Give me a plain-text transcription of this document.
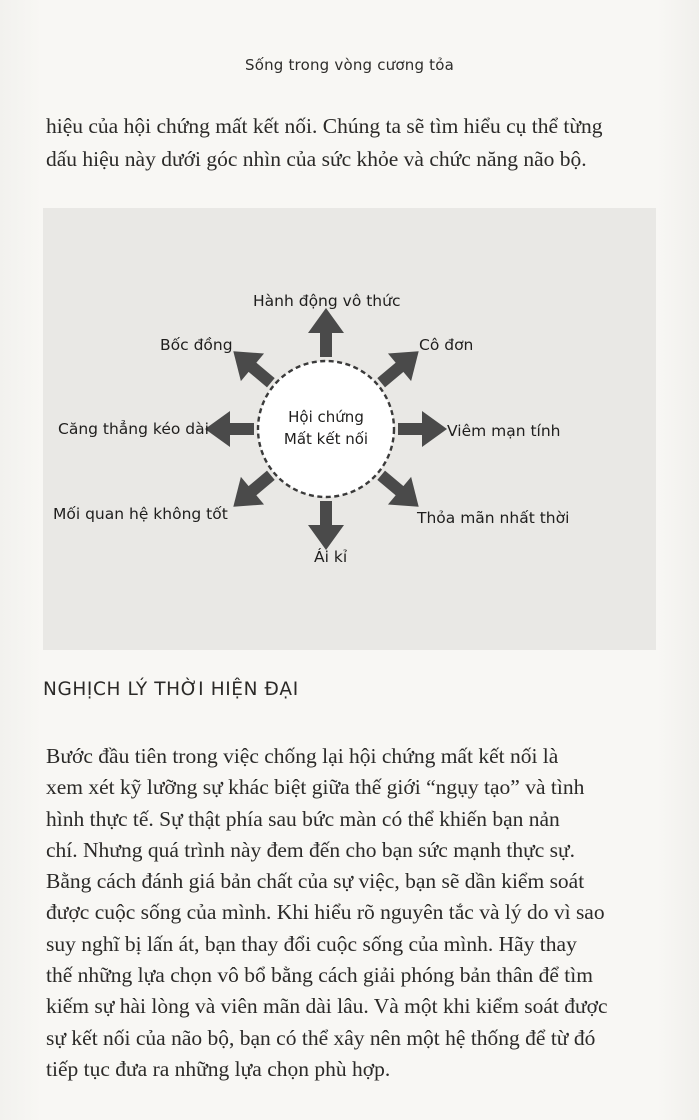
Sống trong vòng cương tỏa
hiệu của hội chứng mất kết nối. Chúng ta sẽ tìm hiểu cụ thể từng
dấu hiệu này dưới góc nhìn của sức khỏe và chức năng não bộ.
Hội chứng
Mất kết nối
Hành động vô thức
Cô đơn
Viêm mạn tính
Thỏa mãn nhất thời
Ái kỉ
Mối quan hệ không tốt
Căng thẳng kéo dài
Bốc đồng
NGHỊCH LÝ THỜI HIỆN ĐẠI
Bước đầu tiên trong việc chống lại hội chứng mất kết nối là
xem xét kỹ lưỡng sự khác biệt giữa thế giới “ngụy tạo” và tình
hình thực tế. Sự thật phía sau bức màn có thể khiến bạn nản
chí. Nhưng quá trình này đem đến cho bạn sức mạnh thực sự.
Bằng cách đánh giá bản chất của sự việc, bạn sẽ dần kiểm soát
được cuộc sống của mình. Khi hiểu rõ nguyên tắc và lý do vì sao
suy nghĩ bị lấn át, bạn thay đổi cuộc sống của mình. Hãy thay
thế những lựa chọn vô bổ bằng cách giải phóng bản thân để tìm
kiếm sự hài lòng và viên mãn dài lâu. Và một khi kiểm soát được
sự kết nối của não bộ, bạn có thể xây nên một hệ thống để từ đó
tiếp tục đưa ra những lựa chọn phù hợp.
